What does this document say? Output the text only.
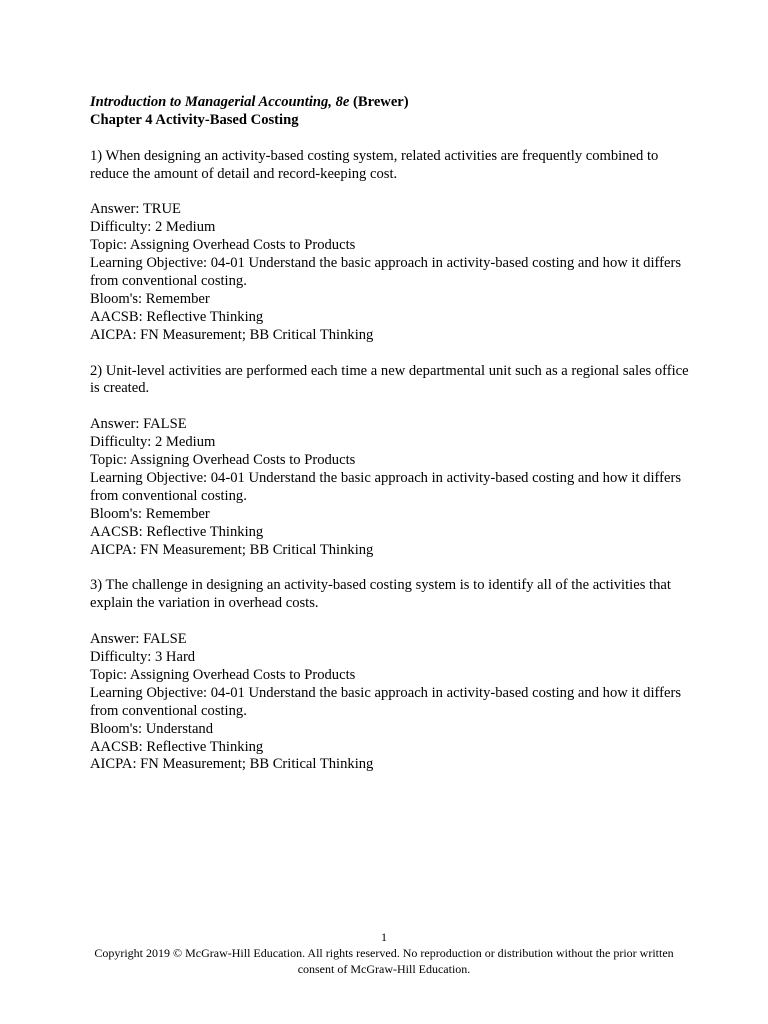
Introduction to Managerial Accounting, 8e (Brewer)
Chapter 4 Activity-Based Costing
1) When designing an activity-based costing system, related activities are frequently combined to reduce the amount of detail and record-keeping cost.
Answer: TRUE
Difficulty: 2 Medium
Topic: Assigning Overhead Costs to Products
Learning Objective: 04-01 Understand the basic approach in activity-based costing and how it differs from conventional costing.
Bloom's: Remember
AACSB: Reflective Thinking
AICPA: FN Measurement; BB Critical Thinking
2) Unit-level activities are performed each time a new departmental unit such as a regional sales office is created.
Answer: FALSE
Difficulty: 2 Medium
Topic: Assigning Overhead Costs to Products
Learning Objective: 04-01 Understand the basic approach in activity-based costing and how it differs from conventional costing.
Bloom's: Remember
AACSB: Reflective Thinking
AICPA: FN Measurement; BB Critical Thinking
3) The challenge in designing an activity-based costing system is to identify all of the activities that explain the variation in overhead costs.
Answer: FALSE
Difficulty: 3 Hard
Topic: Assigning Overhead Costs to Products
Learning Objective: 04-01 Understand the basic approach in activity-based costing and how it differs from conventional costing.
Bloom's: Understand
AACSB: Reflective Thinking
AICPA: FN Measurement; BB Critical Thinking
1
Copyright 2019 © McGraw-Hill Education. All rights reserved. No reproduction or distribution without the prior written consent of McGraw-Hill Education.
